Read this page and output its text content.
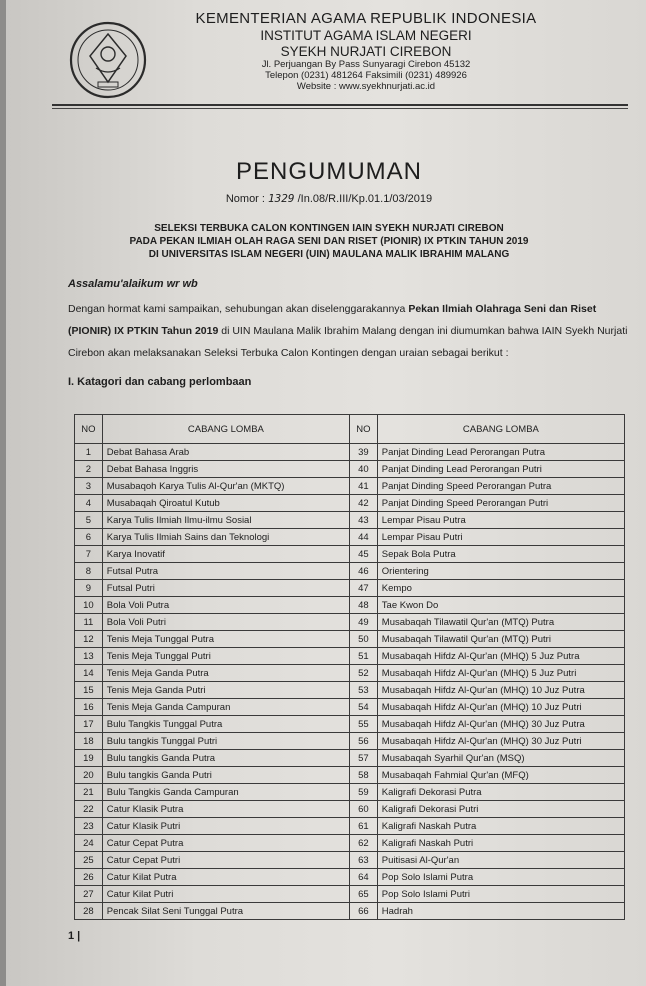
KEMENTERIAN AGAMA REPUBLIK INDONESIA
INSTITUT AGAMA ISLAM NEGERI
SYEKH NURJATI CIREBON
Jl. Perjuangan By Pass Sunyaragi Cirebon 45132
Telepon (0231) 481264 Faksimili (0231) 489926
Website : www.syekhnurjati.ac.id
PENGUMUMAN
Nomor : 1329 /In.08/R.III/Kp.01.1/03/2019
SELEKSI TERBUKA CALON KONTINGEN IAIN SYEKH NURJATI CIREBON
PADA PEKAN ILMIAH OLAH RAGA SENI DAN RISET (PIONIR) IX PTKIN TAHUN 2019
DI UNIVERSITAS ISLAM NEGERI (UIN) MAULANA MALIK IBRAHIM MALANG
Assalamu'alaikum wr wb
Dengan hormat kami sampaikan, sehubungan akan diselenggarakannya Pekan Ilmiah Olahraga Seni dan Riset (PIONIR) IX PTKIN Tahun 2019 di UIN Maulana Malik Ibrahim Malang dengan ini diumumkan bahwa IAIN Syekh Nurjati Cirebon akan melaksanakan Seleksi Terbuka Calon Kontingen dengan uraian sebagai berikut :
I. Katagori dan cabang perlombaan
NO	CABANG LOMBA	NO	CABANG LOMBA
1	Debat Bahasa Arab	39	Panjat Dinding Lead Perorangan Putra
2	Debat Bahasa Inggris	40	Panjat Dinding Lead Perorangan Putri
3	Musabaqoh Karya Tulis Al-Qur'an (MKTQ)	41	Panjat Dinding Speed Perorangan Putra
4	Musabaqah Qiroatul Kutub	42	Panjat Dinding Speed Perorangan Putri
5	Karya Tulis Ilmiah Ilmu-ilmu Sosial	43	Lempar Pisau Putra
6	Karya Tulis Ilmiah Sains dan Teknologi	44	Lempar Pisau Putri
7	Karya Inovatif	45	Sepak Bola Putra
8	Futsal Putra	46	Orientering
9	Futsal Putri	47	Kempo
10	Bola Voli Putra	48	Tae Kwon Do
11	Bola Voli Putri	49	Musabaqah Tilawatil Qur'an (MTQ) Putra
12	Tenis Meja Tunggal Putra	50	Musabaqah Tilawatil Qur'an (MTQ) Putri
13	Tenis Meja Tunggal Putri	51	Musabaqah Hifdz Al-Qur'an (MHQ) 5 Juz Putra
14	Tenis Meja Ganda Putra	52	Musabaqah Hifdz Al-Qur'an (MHQ) 5 Juz Putri
15	Tenis Meja Ganda Putri	53	Musabaqah Hifdz Al-Qur'an (MHQ) 10 Juz Putra
16	Tenis Meja Ganda Campuran	54	Musabaqah Hifdz Al-Qur'an (MHQ) 10 Juz Putri
17	Bulu Tangkis Tunggal Putra	55	Musabaqah Hifdz Al-Qur'an (MHQ) 30 Juz Putra
18	Bulu tangkis Tunggal Putri	56	Musabaqah Hifdz Al-Qur'an (MHQ) 30 Juz Putri
19	Bulu tangkis Ganda Putra	57	Musabaqah Syarhil Qur'an (MSQ)
20	Bulu tangkis Ganda Putri	58	Musabaqah Fahmial Qur'an (MFQ)
21	Bulu Tangkis Ganda Campuran	59	Kaligrafi Dekorasi Putra
22	Catur Klasik Putra	60	Kaligrafi Dekorasi Putri
23	Catur Klasik Putri	61	Kaligrafi Naskah Putra
24	Catur Cepat Putra	62	Kaligrafi Naskah Putri
25	Catur Cepat Putri	63	Puitisasi Al-Qur'an
26	Catur Kilat Putra	64	Pop Solo Islami Putra
27	Catur Kilat Putri	65	Pop Solo Islami Putri
28	Pencak Silat Seni Tunggal Putra	66	Hadrah
1 |
